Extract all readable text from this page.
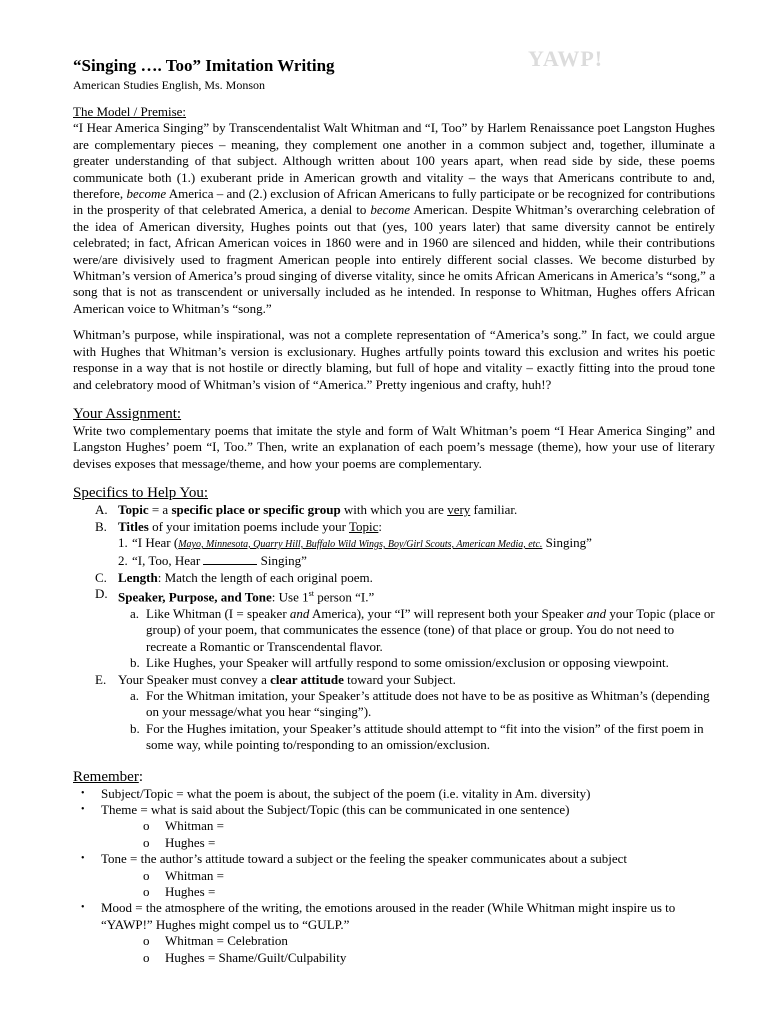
YAWP!
“Singing …. Too” Imitation Writing
American Studies English, Ms. Monson
The Model / Premise:

“I Hear America Singing” by Transcendentalist Walt Whitman and “I, Too” by Harlem Renaissance poet Langston Hughes are complementary pieces – meaning, they complement one another in a common subject and, together, illuminate a greater understanding of that subject. Although written about 100 years apart, when read side by side, these poems communicate both (1.) exuberant pride in American growth and vitality – the ways that Americans contribute to and, therefore, become America – and (2.) exclusion of African Americans to fully participate or be recognized for contributions in the prosperity of that celebrated America, a denial to become American. Despite Whitman’s overarching celebration of the idea of American diversity, Hughes points out that (yes, 100 years later) that same diversity cannot be entirely celebrated; in fact, African American voices in 1860 were and in 1960 are silenced and hidden, while their contributions were/are divisively used to fragment American people into entirely different social classes. We become disturbed by Whitman’s version of America’s proud singing of diverse vitality, since he omits African Americans in America’s “song,” a song that is not as transcendent or universally included as he intended. In response to Whitman, Hughes offers African American voice to Whitman’s “song.”

Whitman’s purpose, while inspirational, was not a complete representation of “America’s song.” In fact, we could argue with Hughes that Whitman’s version is exclusionary. Hughes artfully points toward this exclusion and writes his poetic response in a way that is not hostile or directly blaming, but full of hope and vitality – exactly fitting into the proud tone and celebratory mood of Whitman’s vision of “America.” Pretty ingenious and crafty, huh!?

Your Assignment:

Write two complementary poems that imitate the style and form of Walt Whitman’s poem “I Hear America Singing” and Langston Hughes’ poem “I, Too.” Then, write an explanation of each poem’s message (theme), how your use of literary devises exposes that message/theme, and how your poems are complementary.

Specifics to Help You:
A. Topic = a specific place or specific group with which you are very familiar.
B. Titles of your imitation poems include your Topic:
1. “I Hear (Mayo, Minnesota, Quarry Hill, Buffalo Wild Wings, Boy/Girl Scouts, American Media, etc. Singing”
2. “I, Too, Hear	Singing”
C. Length: Match the length of each original poem.
D. Speaker, Purpose, and Tone: Use 1st person “I.”
a. Like Whitman (I = speaker and America), your “I” will represent both your Speaker and your Topic (place or group) of your poem, that communicates the essence (tone) of that place or group. You do not need to recreate a Romantic or Transcendental flavor.
b. Like Hughes, your Speaker will artfully respond to some omission/exclusion or opposing viewpoint.
E. Your Speaker must convey a clear attitude toward your Subject.
a. For the Whitman imitation, your Speaker’s attitude does not have to be as positive as Whitman’s (depending on your message/what you hear “singing”).
b. For the Hughes imitation, your Speaker’s attitude should attempt to “fit into the vision” of the first poem in some way, while pointing to/responding to an omission/exclusion.
Remember:
•	Subject/Topic = what the poem is about, the subject of the poem (i.e. vitality in Am. diversity)
•	Theme = what is said about the Subject/Topic (this can be communicated in one sentence)
o	Whitman =
o	Hughes =
•	Tone = the author’s attitude toward a subject or the feeling the speaker communicates about a subject
o	Whitman =
o	Hughes =
•	Mood = the atmosphere of the writing, the emotions aroused in the reader (While Whitman might inspire us to “YAWP!” Hughes might compel us to “GULP.”
o	Whitman = Celebration
o	Hughes = Shame/Guilt/Culpability
